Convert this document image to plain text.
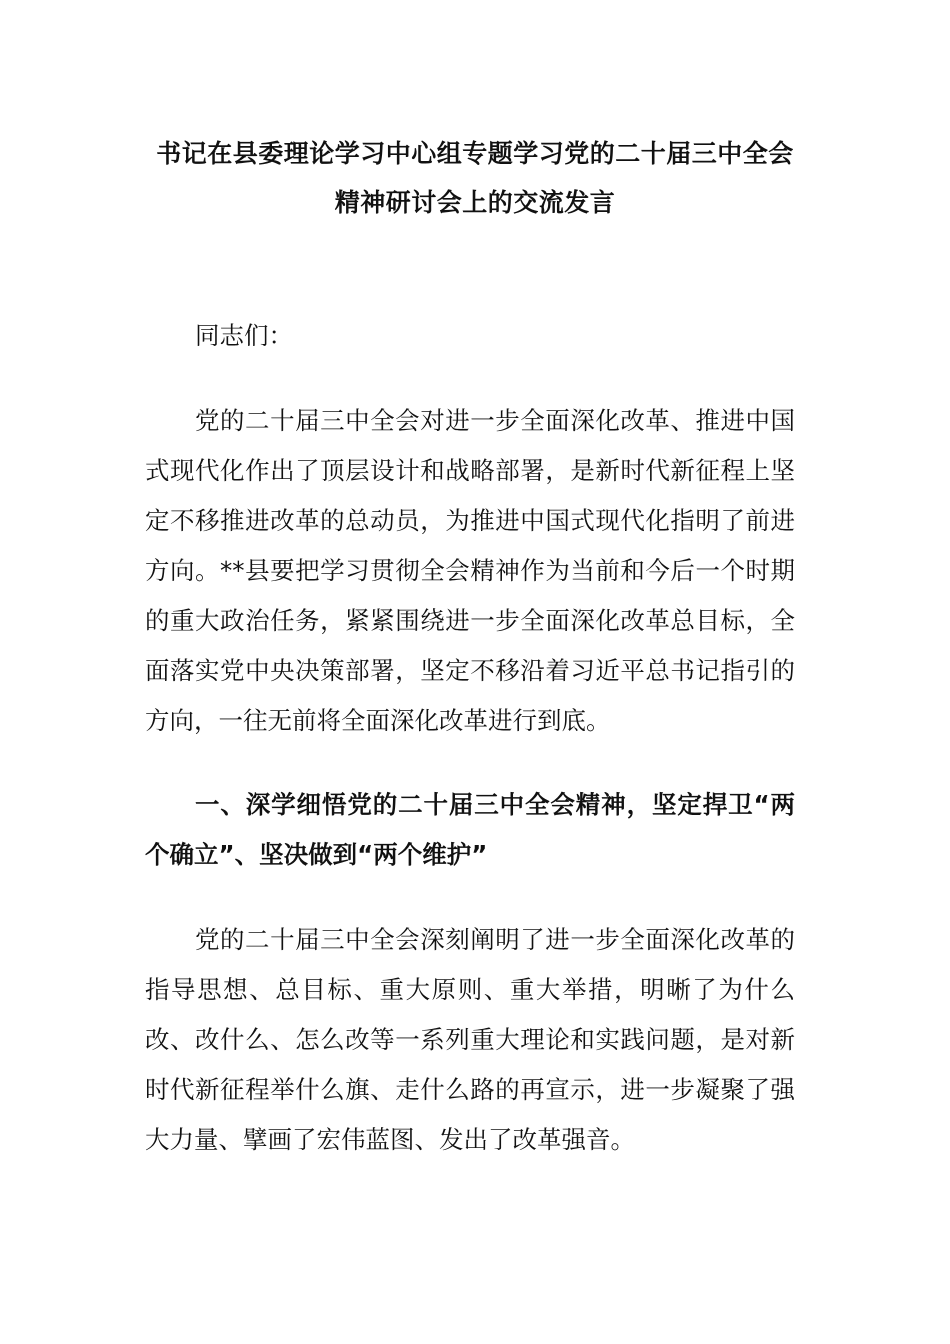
书记在县委理论学习中心组专题学习党的二十届三中全会
精神研讨会上的交流发言
同志们：
党的二十届三中全会对进一步全面深化改革、推进中国式现代化作出了顶层设计和战略部署，是新时代新征程上坚定不移推进改革的总动员，为推进中国式现代化指明了前进方向。**县要把学习贯彻全会精神作为当前和今后一个时期的重大政治任务，紧紧围绕进一步全面深化改革总目标，全面落实党中央决策部署，坚定不移沿着习近平总书记指引的方向，一往无前将全面深化改革进行到底。
一、深学细悟党的二十届三中全会精神，坚定捍卫“两个确立”、坚决做到“两个维护”
党的二十届三中全会深刻阐明了进一步全面深化改革的指导思想、总目标、重大原则、重大举措，明晰了为什么改、改什么、怎么改等一系列重大理论和实践问题，是对新时代新征程举什么旗、走什么路的再宣示，进一步凝聚了强大力量、擘画了宏伟蓝图、发出了改革强音。
